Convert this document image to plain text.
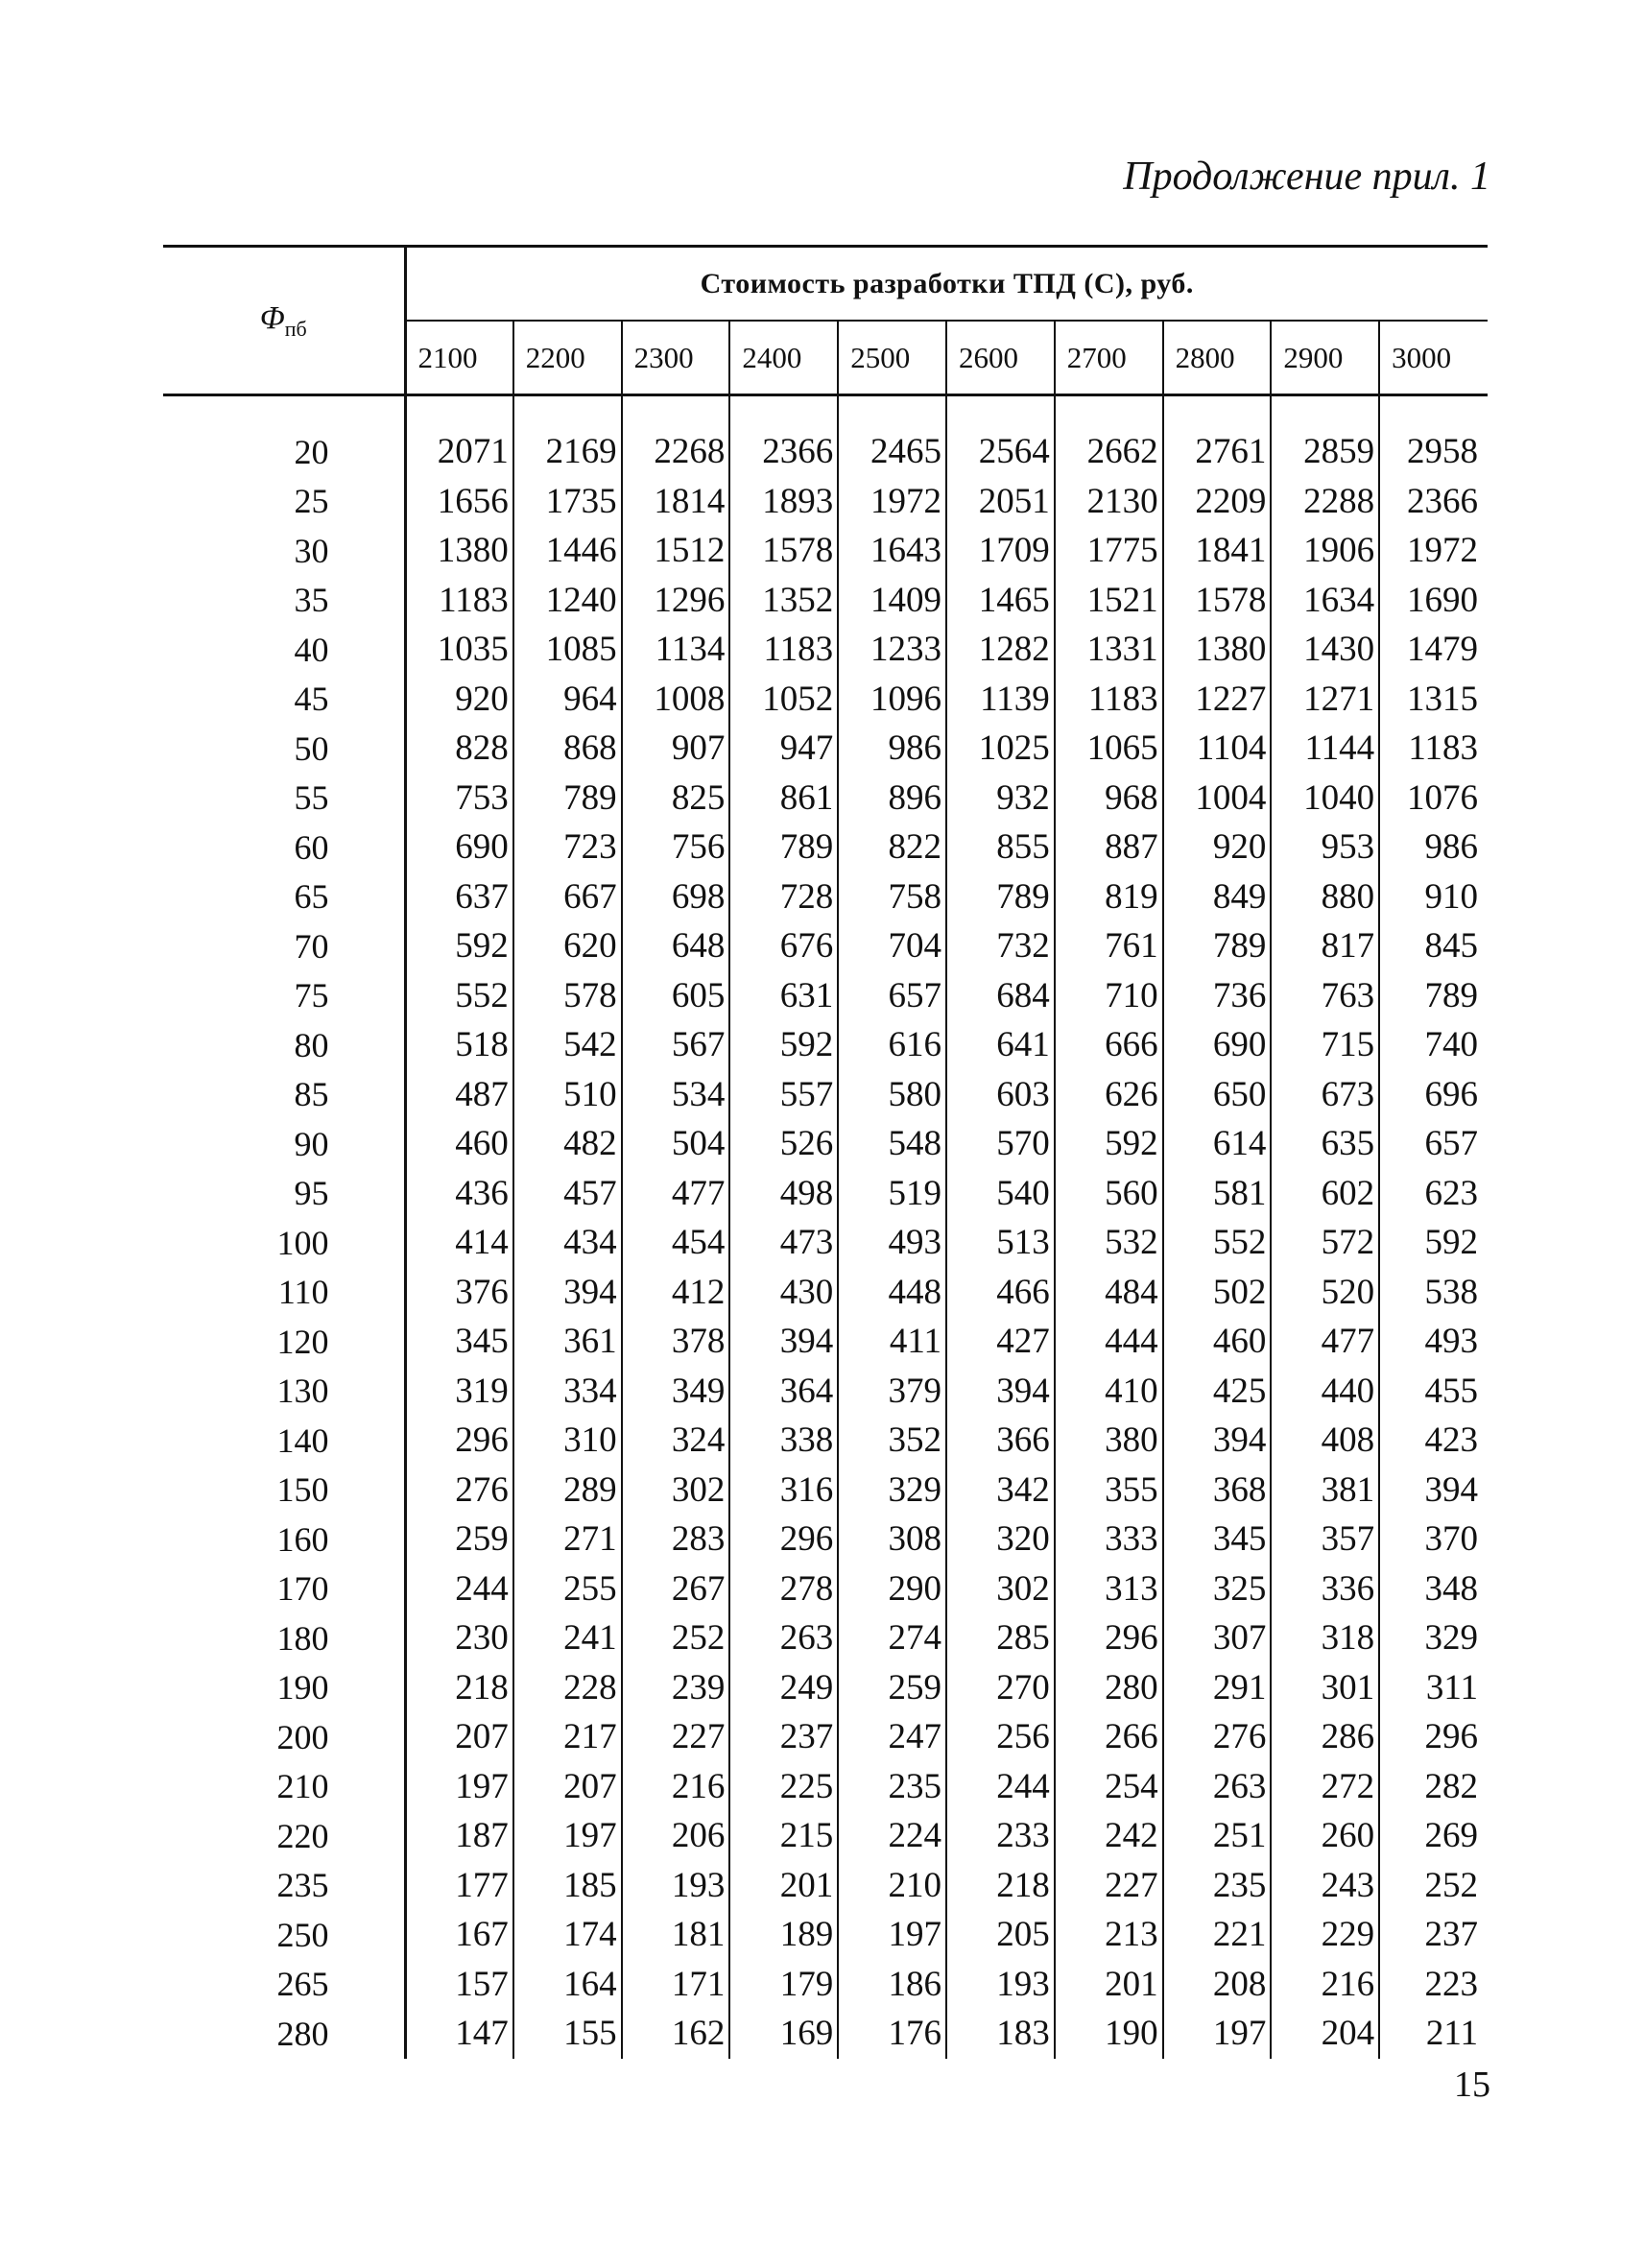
Продолжение прил. 1
$\Phi_{пб}$	Стоимость разработки ТПД (C), руб.									
	2100	2200	2300	2400	2500	2600	2700	2800	2900	3000

20	2071	2169	2268	2366	2465	2564	2662	2761	2859	2958
25	1656	1735	1814	1893	1972	2051	2130	2209	2288	2366
30	1380	1446	1512	1578	1643	1709	1775	1841	1906	1972
35	1183	1240	1296	1352	1409	1465	1521	1578	1634	1690
40	1035	1085	1134	1183	1233	1282	1331	1380	1430	1479
45	920	964	1008	1052	1096	1139	1183	1227	1271	1315
50	828	868	907	947	986	1025	1065	1104	1144	1183
55	753	789	825	861	896	932	968	1004	1040	1076
60	690	723	756	789	822	855	887	920	953	986
65	637	667	698	728	758	789	819	849	880	910
70	592	620	648	676	704	732	761	789	817	845
75	552	578	605	631	657	684	710	736	763	789
80	518	542	567	592	616	641	666	690	715	740
85	487	510	534	557	580	603	626	650	673	696
90	460	482	504	526	548	570	592	614	635	657
95	436	457	477	498	519	540	560	581	602	623
100	414	434	454	473	493	513	532	552	572	592
110	376	394	412	430	448	466	484	502	520	538
120	345	361	378	394	411	427	444	460	477	493
130	319	334	349	364	379	394	410	425	440	455
140	296	310	324	338	352	366	380	394	408	423
150	276	289	302	316	329	342	355	368	381	394
160	259	271	283	296	308	320	333	345	357	370
170	244	255	267	278	290	302	313	325	336	348
180	230	241	252	263	274	285	296	307	318	329
190	218	228	239	249	259	270	280	291	301	311
200	207	217	227	237	247	256	266	276	286	296
210	197	207	216	225	235	244	254	263	272	282
220	187	197	206	215	224	233	242	251	260	269
235	177	185	193	201	210	218	227	235	243	252
250	167	174	181	189	197	205	213	221	229	237
265	157	164	171	179	186	193	201	208	216	223
280	147	155	162	169	176	183	190	197	204	211
15
